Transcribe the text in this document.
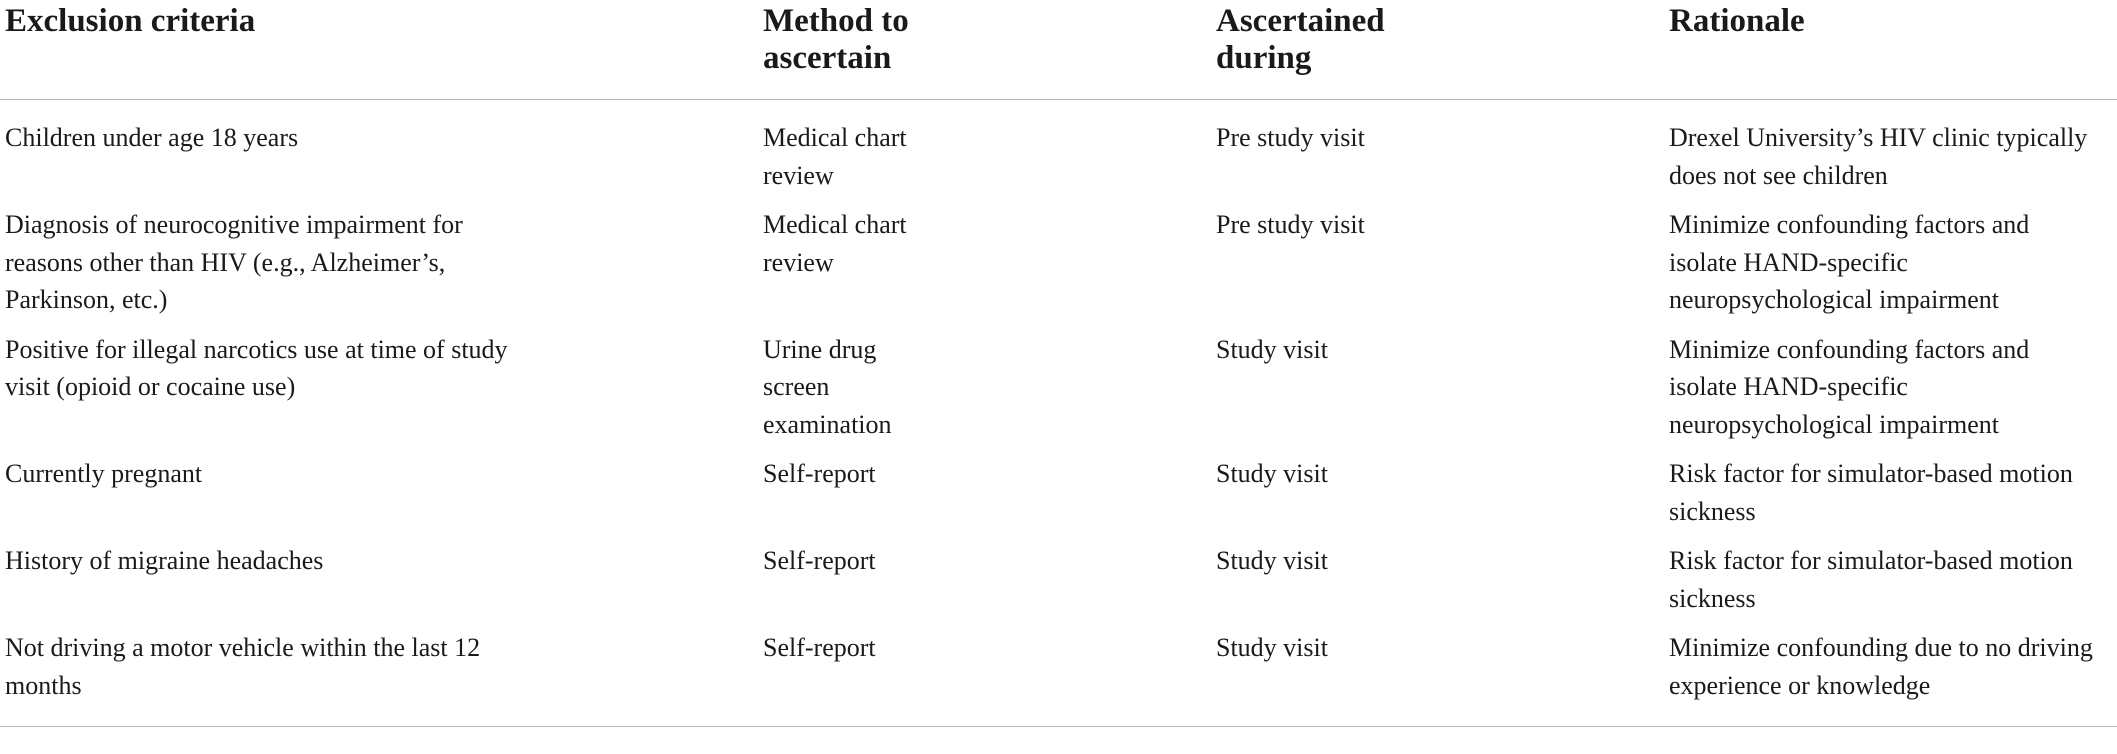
Exclusion criteria	Method to ascertain	Ascertained during	Rationale

Children under age 18 years	Medical chart review	Pre study visit	Drexel University’s HIV clinic typically does not see children

Diagnosis of neurocognitive impairment for reasons other than HIV (e.g., Alzheimer’s, Parkinson, etc.)	Medical chart review	Pre study visit	Minimize confounding factors and isolate HAND-specific neuropsychological impairment

Positive for illegal narcotics use at time of study visit (opioid or cocaine use)	Urine drug screen examination	Study visit	Minimize confounding factors and isolate HAND-specific neuropsychological impairment

Currently pregnant	Self-report	Study visit	Risk factor for simulator-based motion sickness

History of migraine headaches	Self-report	Study visit	Risk factor for simulator-based motion sickness

Not driving a motor vehicle within the last 12 months	Self-report	Study visit	Minimize confounding due to no driving experience or knowledge
